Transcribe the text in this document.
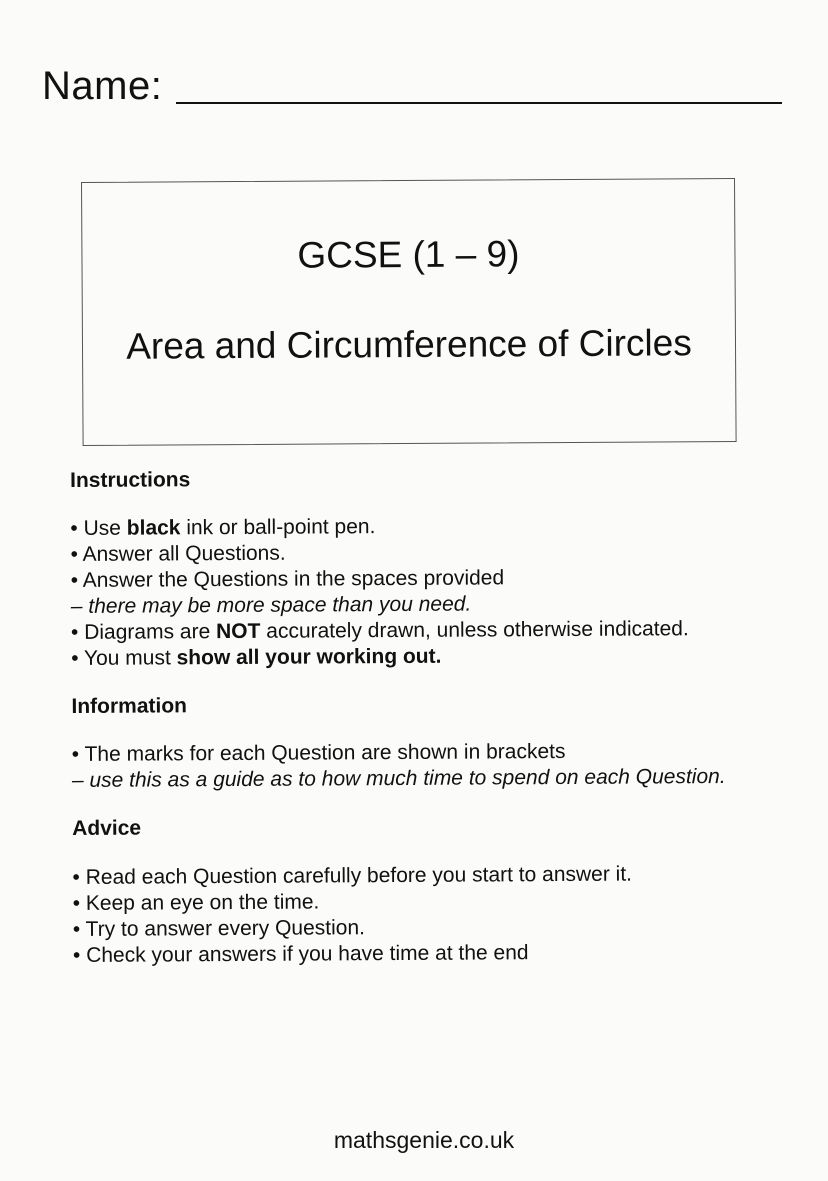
Name:
GCSE (1 – 9)
Area and Circumference of Circles
Instructions
• Use black ink or ball-point pen.
• Answer all Questions.
• Answer the Questions in the spaces provided
– there may be more space than you need.
• Diagrams are NOT accurately drawn, unless otherwise indicated.
• You must show all your working out.
Information
• The marks for each Question are shown in brackets
– use this as a guide as to how much time to spend on each Question.
Advice
• Read each Question carefully before you start to answer it.
• Keep an eye on the time.
• Try to answer every Question.
• Check your answers if you have time at the end
mathsgenie.co.uk
